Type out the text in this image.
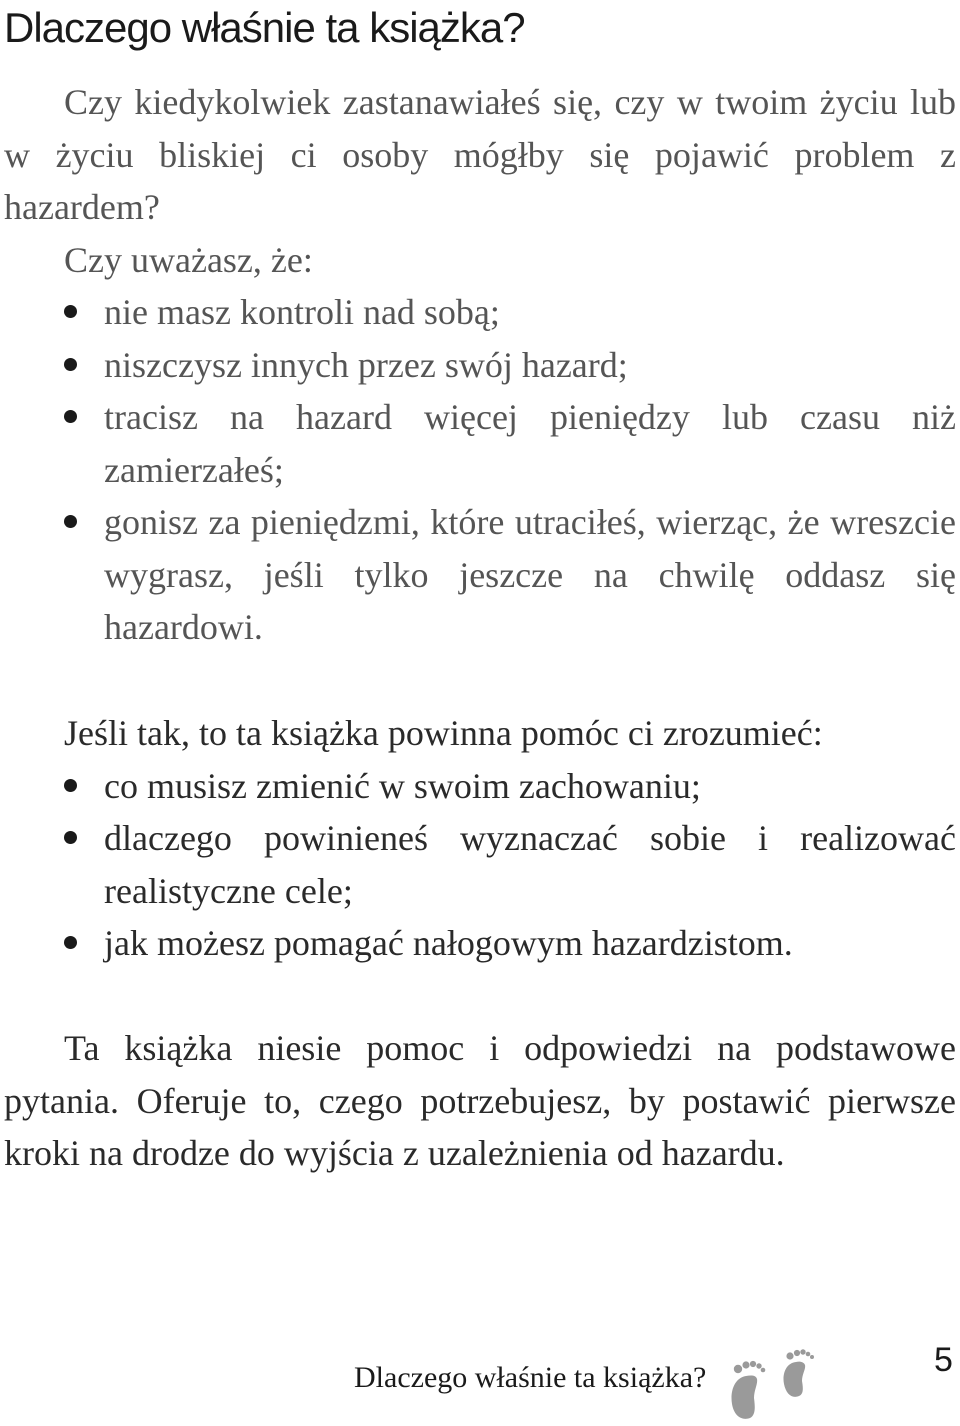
Dlaczego właśnie ta książka?

Czy kiedykolwiek zastanawiałeś się, czy w twoim życiu lub w życiu bliskiej ci osoby mógłby się pojawić problem z hazardem?

Czy uważasz, że:

nie masz kontroli nad sobą;
niszczysz innych przez swój hazard;
tracisz na hazard więcej pieniędzy lub czasu niż zamierzałeś;
gonisz za pieniędzmi, które utraciłeś, wierząc, że wreszcie wygrasz, jeśli tylko jeszcze na chwilę oddasz się hazardowi.

Jeśli tak, to ta książka powinna pomóc ci zrozumieć:

co musisz zmienić w swoim zachowaniu;
dlaczego powinieneś wyznaczać sobie i realizować realistyczne cele;
jak możesz pomagać nałogowym hazardzistom.

Ta książka niesie pomoc i odpowiedzi na podstawowe pytania. Oferuje to, czego potrzebujesz, by postawić pierwsze kroki na drodze do wyjścia z uzależnienia od hazardu.

Dlaczego właśnie ta książka?	5
